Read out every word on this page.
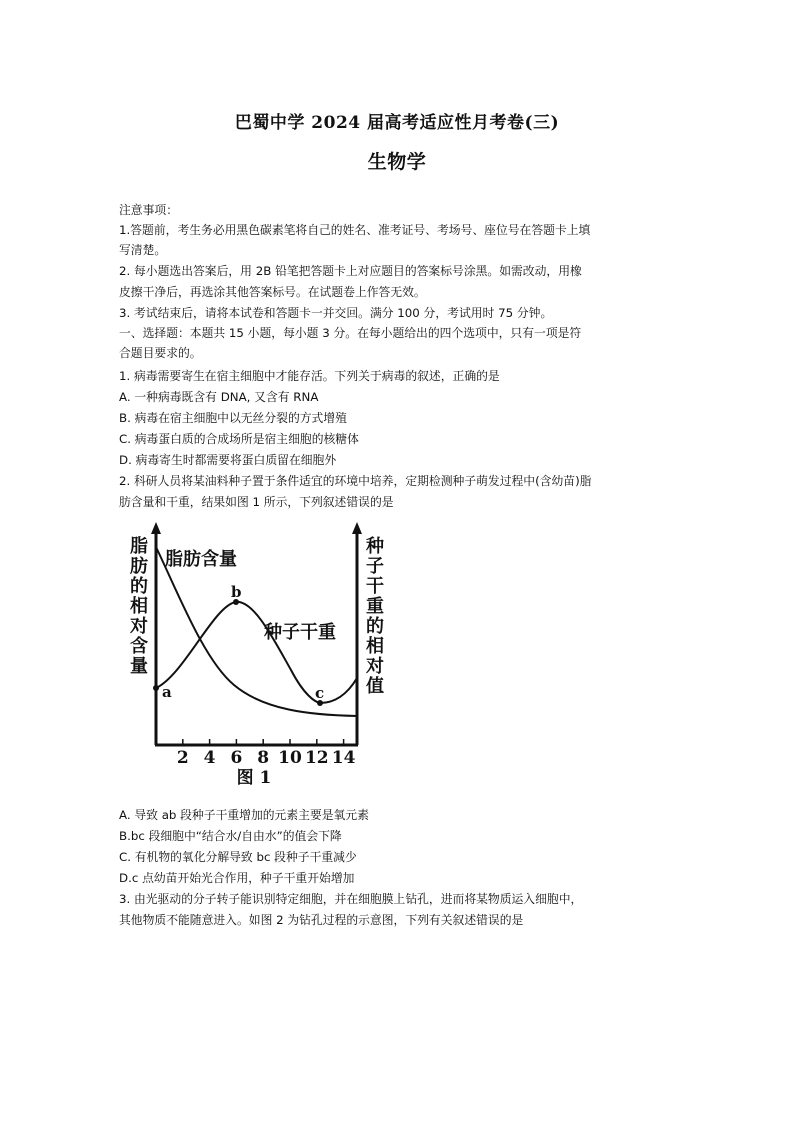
巴蜀中学 2024 届高考适应性月考卷(三)
生物学
注意事项：
1.答题前，考生务必用黑色碳素笔将自己的姓名、准考证号、考场号、座位号在答题卡上填
写清楚。
2. 每小题选出答案后，用 2B 铅笔把答题卡上对应题目的答案标号涂黑。如需改动，用橡
皮擦干净后，再选涂其他答案标号。在试题卷上作答无效。
3. 考试结束后，请将本试卷和答题卡一并交回。满分 100 分，考试用时 75 分钟。
一、选择题：本题共 15 小题，每小题 3 分。在每小题给出的四个选项中，只有一项是符
合题目要求的。
1. 病毒需要寄生在宿主细胞中才能存活。下列关于病毒的叙述，正确的是
A. 一种病毒既含有 DNA, 又含有 RNA
B. 病毒在宿主细胞中以无丝分裂的方式增殖
C. 病毒蛋白质的合成场所是宿主细胞的核糖体
D. 病毒寄生时都需要将蛋白质留在细胞外
2. 科研人员将某油料种子置于条件适宜的环境中培养，定期检测种子萌发过程中(含幼苗)脂
肪含量和干重，结果如图 1 所示，下列叙述错误的是
脂
肪
的
相
对
含
量
种
子
干
重
的
相
对
值
a
b
c
脂肪含量
种子干重
2 4 6 8 10 12 14
图 1
A. 导致 ab 段种子干重增加的元素主要是氧元素
B.bc 段细胞中“结合水/自由水”的值会下降
C. 有机物的氧化分解导致 bc 段种子干重减少
D.c 点幼苗开始光合作用，种子干重开始增加
3. 由光驱动的分子转子能识别特定细胞，并在细胞膜上钻孔，进而将某物质运入细胞中，
其他物质不能随意进入。如图 2 为钻孔过程的示意图，下列有关叙述错误的是
